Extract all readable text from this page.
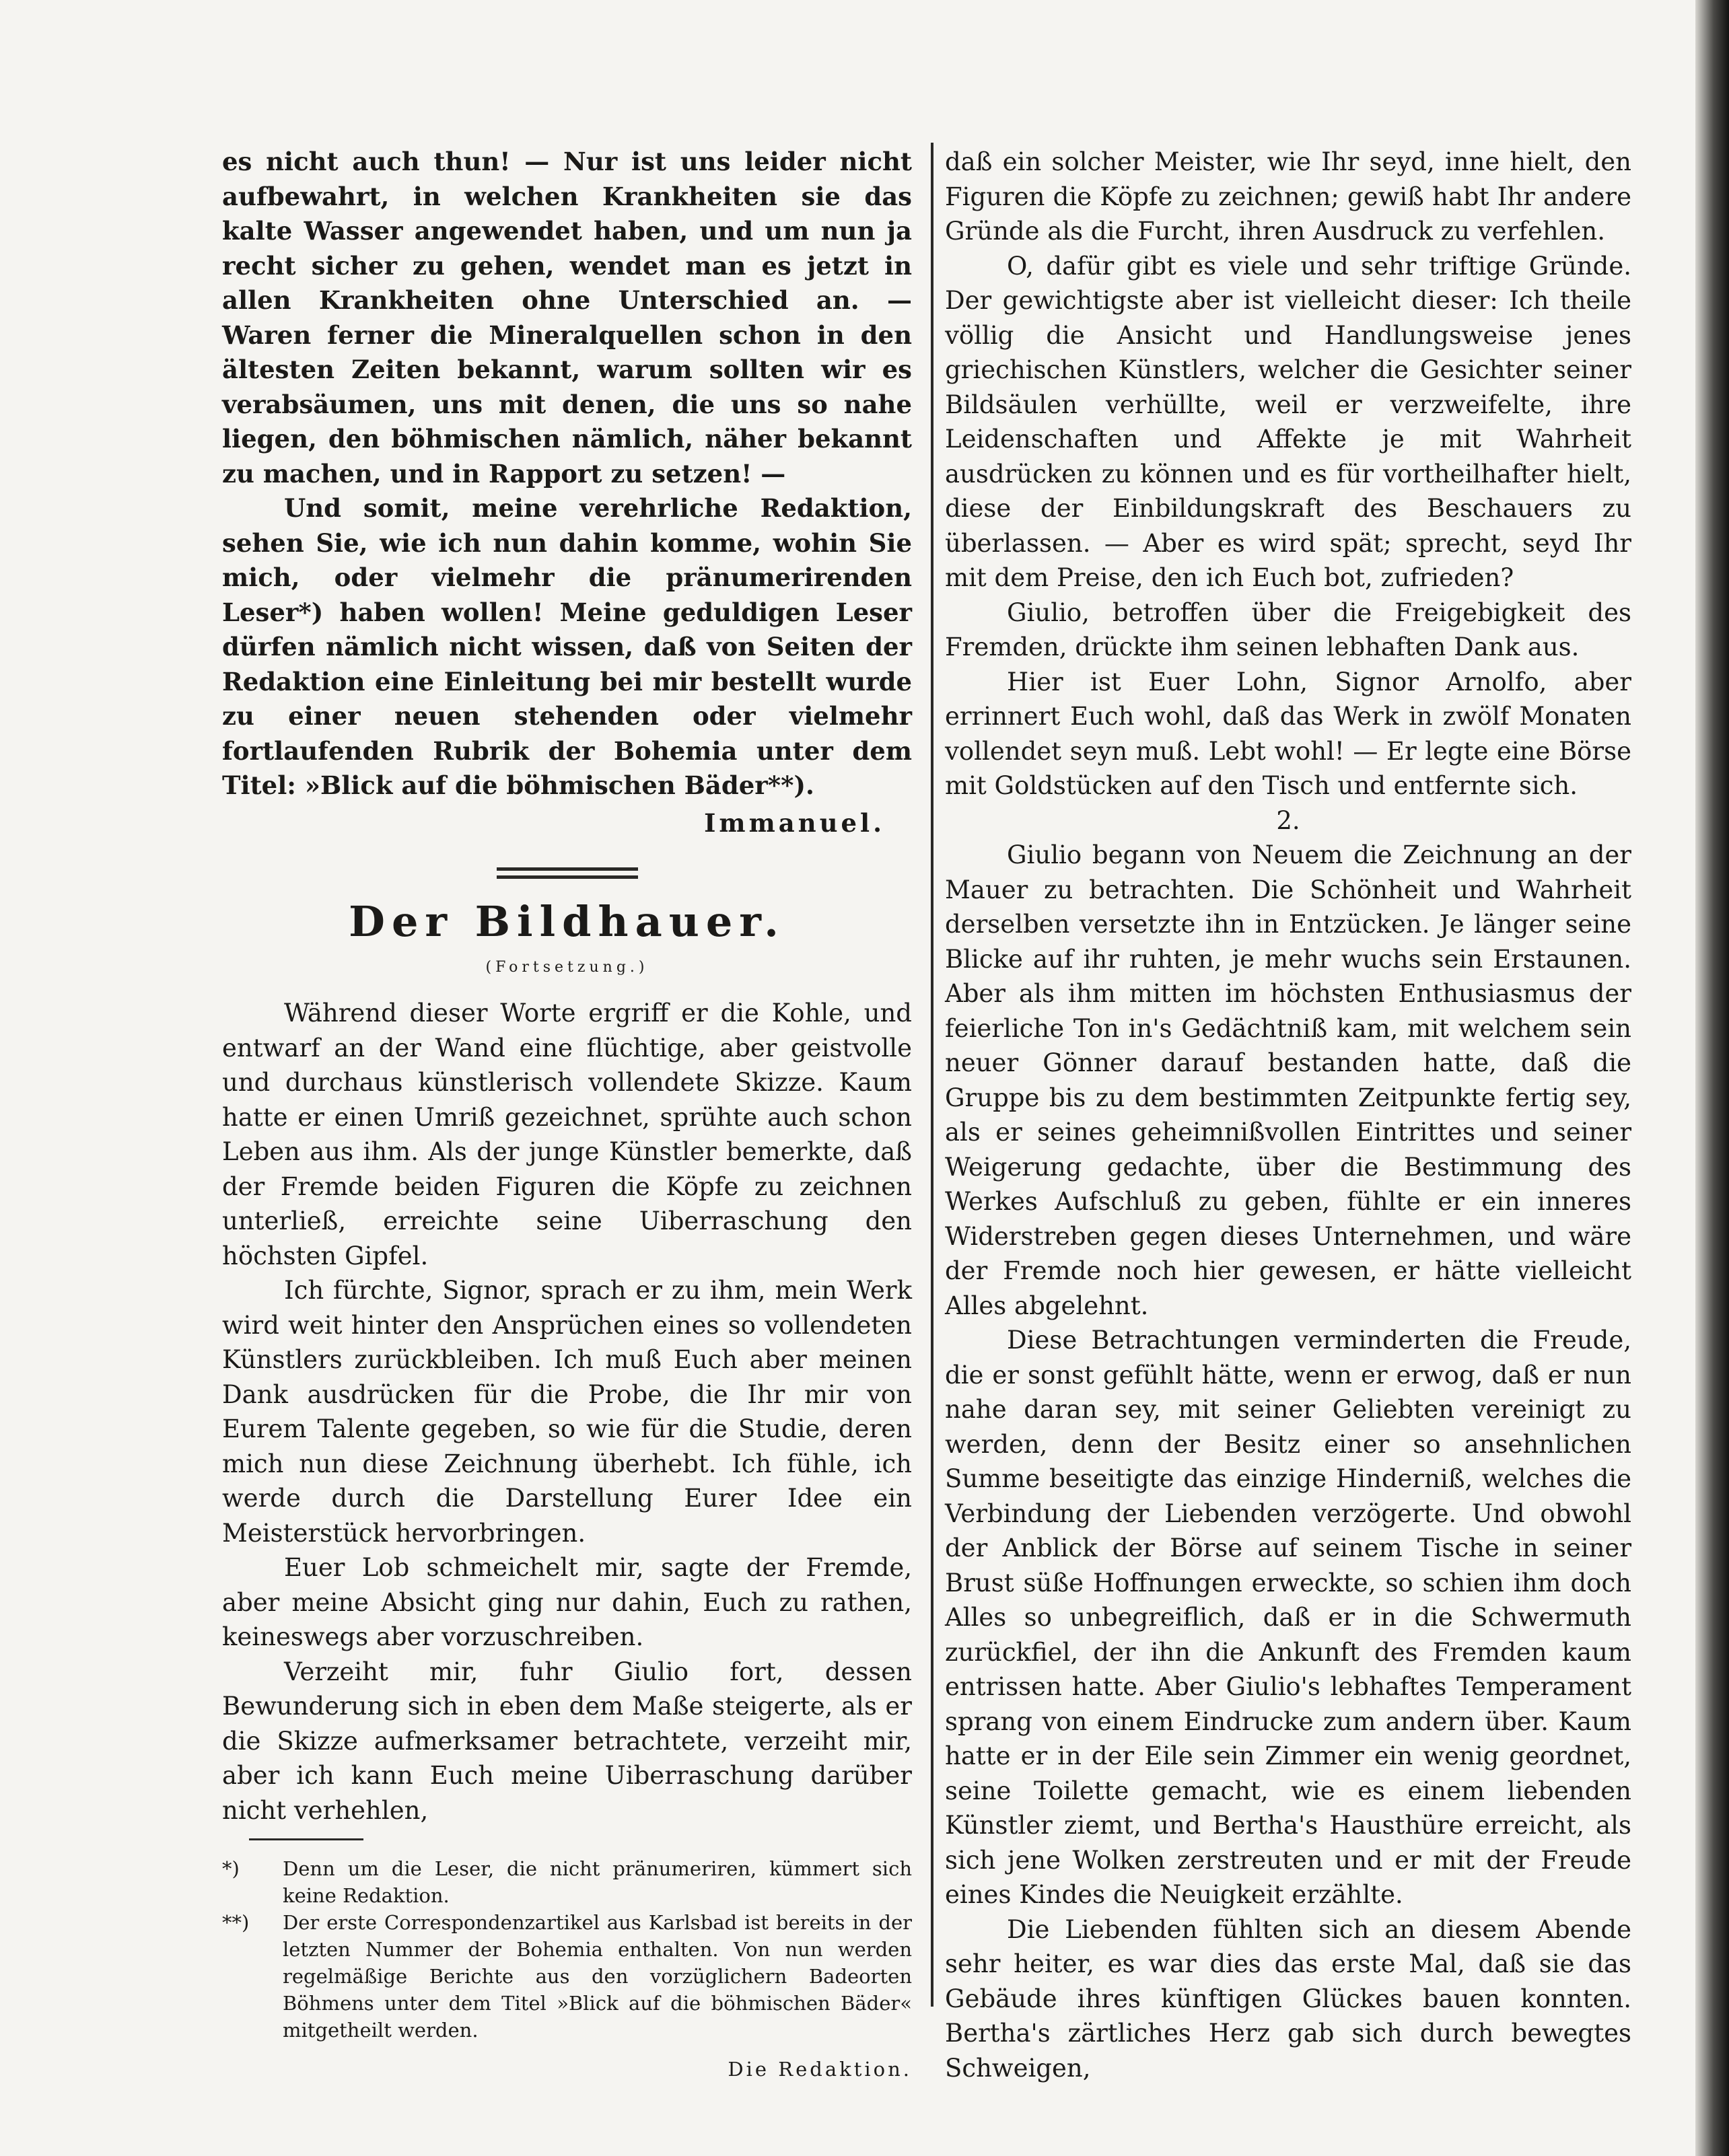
es nicht auch thun! — Nur ist uns leider nicht aufbewahrt, in welchen Krankheiten sie das kalte Wasser angewendet haben, und um nun ja recht sicher zu gehen, wendet man es jetzt in allen Krankheiten ohne Unterschied an. — Waren ferner die Mineralquellen schon in den ältesten Zeiten bekannt, warum sollten wir es verabsäumen, uns mit denen, die uns so nahe liegen, den böhmischen nämlich, näher bekannt zu machen, und in Rapport zu setzen! —

Und somit, meine verehrliche Redaktion, sehen Sie, wie ich nun dahin komme, wohin Sie mich, oder vielmehr die pränumerirenden Leser*) haben wollen! Meine geduldigen Leser dürfen nämlich nicht wissen, daß von Seiten der Redaktion eine Einleitung bei mir bestellt wurde zu einer neuen stehenden oder vielmehr fortlaufenden Rubrik der Bohemia unter dem Titel: »Blick auf die böhmischen Bäder**).

Immanuel.

Der Bildhauer.

(Fortsetzung.)

Während dieser Worte ergriff er die Kohle, und entwarf an der Wand eine flüchtige, aber geistvolle und durchaus künstlerisch vollendete Skizze. Kaum hatte er einen Umriß gezeichnet, sprühte auch schon Leben aus ihm. Als der junge Künstler bemerkte, daß der Fremde beiden Figuren die Köpfe zu zeichnen unterließ, erreichte seine Uiberraschung den höchsten Gipfel.

Ich fürchte, Signor, sprach er zu ihm, mein Werk wird weit hinter den Ansprüchen eines so vollendeten Künstlers zurückbleiben. Ich muß Euch aber meinen Dank ausdrücken für die Probe, die Ihr mir von Eurem Talente gegeben, so wie für die Studie, deren mich nun diese Zeichnung überhebt. Ich fühle, ich werde durch die Darstellung Eurer Idee ein Meisterstück hervorbringen.

Euer Lob schmeichelt mir, sagte der Fremde, aber meine Absicht ging nur dahin, Euch zu rathen, keineswegs aber vorzuschreiben.

Verzeiht mir, fuhr Giulio fort, dessen Bewunderung sich in eben dem Maße steigerte, als er die Skizze aufmerksamer betrachtete, verzeiht mir, aber ich kann Euch meine Uiberraschung darüber nicht verhehlen,

*)	Denn um die Leser, die nicht pränumeriren, kümmert sich keine Redaktion.

**)	Der erste Correspondenzartikel aus Karlsbad ist bereits in der letzten Nummer der Bohemia enthalten. Von nun werden regelmäßige Berichte aus den vorzüglichern Badeorten Böhmens unter dem Titel »Blick auf die böhmischen Bäder« mitgetheilt werden.

Die Redaktion.

daß ein solcher Meister, wie Ihr seyd, inne hielt, den Figuren die Köpfe zu zeichnen; gewiß habt Ihr andere Gründe als die Furcht, ihren Ausdruck zu verfehlen.

O, dafür gibt es viele und sehr triftige Gründe. Der gewichtigste aber ist vielleicht dieser: Ich theile völlig die Ansicht und Handlungsweise jenes griechischen Künstlers, welcher die Gesichter seiner Bildsäulen verhüllte, weil er verzweifelte, ihre Leidenschaften und Affekte je mit Wahrheit ausdrücken zu können und es für vortheilhafter hielt, diese der Einbildungskraft des Beschauers zu überlassen. — Aber es wird spät; sprecht, seyd Ihr mit dem Preise, den ich Euch bot, zufrieden?

Giulio, betroffen über die Freigebigkeit des Fremden, drückte ihm seinen lebhaften Dank aus.

Hier ist Euer Lohn, Signor Arnolfo, aber errinnert Euch wohl, daß das Werk in zwölf Monaten vollendet seyn muß. Lebt wohl! — Er legte eine Börse mit Goldstücken auf den Tisch und entfernte sich.

2.

Giulio begann von Neuem die Zeichnung an der Mauer zu betrachten. Die Schönheit und Wahrheit derselben versetzte ihn in Entzücken. Je länger seine Blicke auf ihr ruhten, je mehr wuchs sein Erstaunen. Aber als ihm mitten im höchsten Enthusiasmus der feierliche Ton in's Gedächtniß kam, mit welchem sein neuer Gönner darauf bestanden hatte, daß die Gruppe bis zu dem bestimmten Zeitpunkte fertig sey, als er seines geheimnißvollen Eintrittes und seiner Weigerung gedachte, über die Bestimmung des Werkes Aufschluß zu geben, fühlte er ein inneres Widerstreben gegen dieses Unternehmen, und wäre der Fremde noch hier gewesen, er hätte vielleicht Alles abgelehnt.

Diese Betrachtungen verminderten die Freude, die er sonst gefühlt hätte, wenn er erwog, daß er nun nahe daran sey, mit seiner Geliebten vereinigt zu werden, denn der Besitz einer so ansehnlichen Summe beseitigte das einzige Hinderniß, welches die Verbindung der Liebenden verzögerte. Und obwohl der Anblick der Börse auf seinem Tische in seiner Brust süße Hoffnungen erweckte, so schien ihm doch Alles so unbegreiflich, daß er in die Schwermuth zurückfiel, der ihn die Ankunft des Fremden kaum entrissen hatte. Aber Giulio's lebhaftes Temperament sprang von einem Eindrucke zum andern über. Kaum hatte er in der Eile sein Zimmer ein wenig geordnet, seine Toilette gemacht, wie es einem liebenden Künstler ziemt, und Bertha's Hausthüre erreicht, als sich jene Wolken zerstreuten und er mit der Freude eines Kindes die Neuigkeit erzählte.

Die Liebenden fühlten sich an diesem Abende sehr heiter, es war dies das erste Mal, daß sie das Gebäude ihres künftigen Glückes bauen konnten. Bertha's zärtliches Herz gab sich durch bewegtes Schweigen,
